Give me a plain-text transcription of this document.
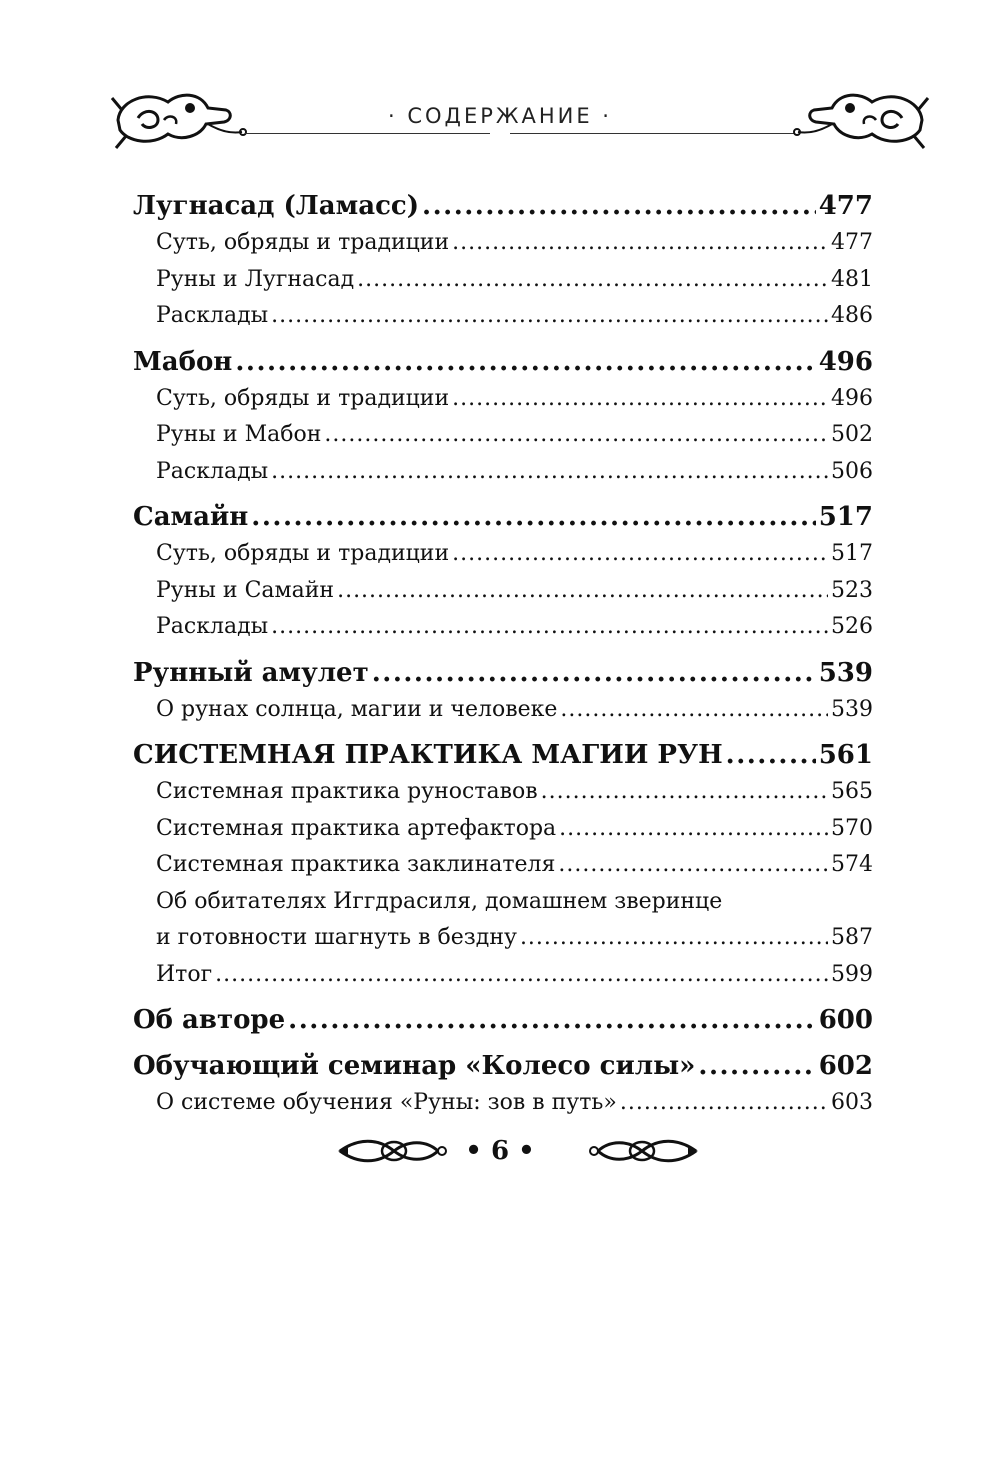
· СОДЕРЖАНИЕ ·
Лугнасад (Ламасс) .....	477
Суть, обряды и традиции .....	477
Руны и Лугнасад .....	481
Расклады .....	486
Мабон .....	496
Суть, обряды и традиции .....	496
Руны и Мабон .....	502
Расклады .....	506
Самайн .....	517
Суть, обряды и традиции .....	517
Руны и Самайн .....	523
Расклады .....	526
Рунный амулет .....	539
О рунах солнца, магии и человеке .....	539
СИСТЕМНАЯ ПРАКТИКА МАГИИ РУН .....	561
Системная практика руноставов .....	565
Системная практика артефактора .....	570
Системная практика заклинателя .....	574
Об обитателях Иггдрасиля, домашнем зверинце
и готовности шагнуть в бездну .....	587
Итог .....	599
Об авторе .....	600
Обучающий семинар «Колесо силы» .....	602
О системе обучения «Руны: зов в путь» .....	603
• 6 •
